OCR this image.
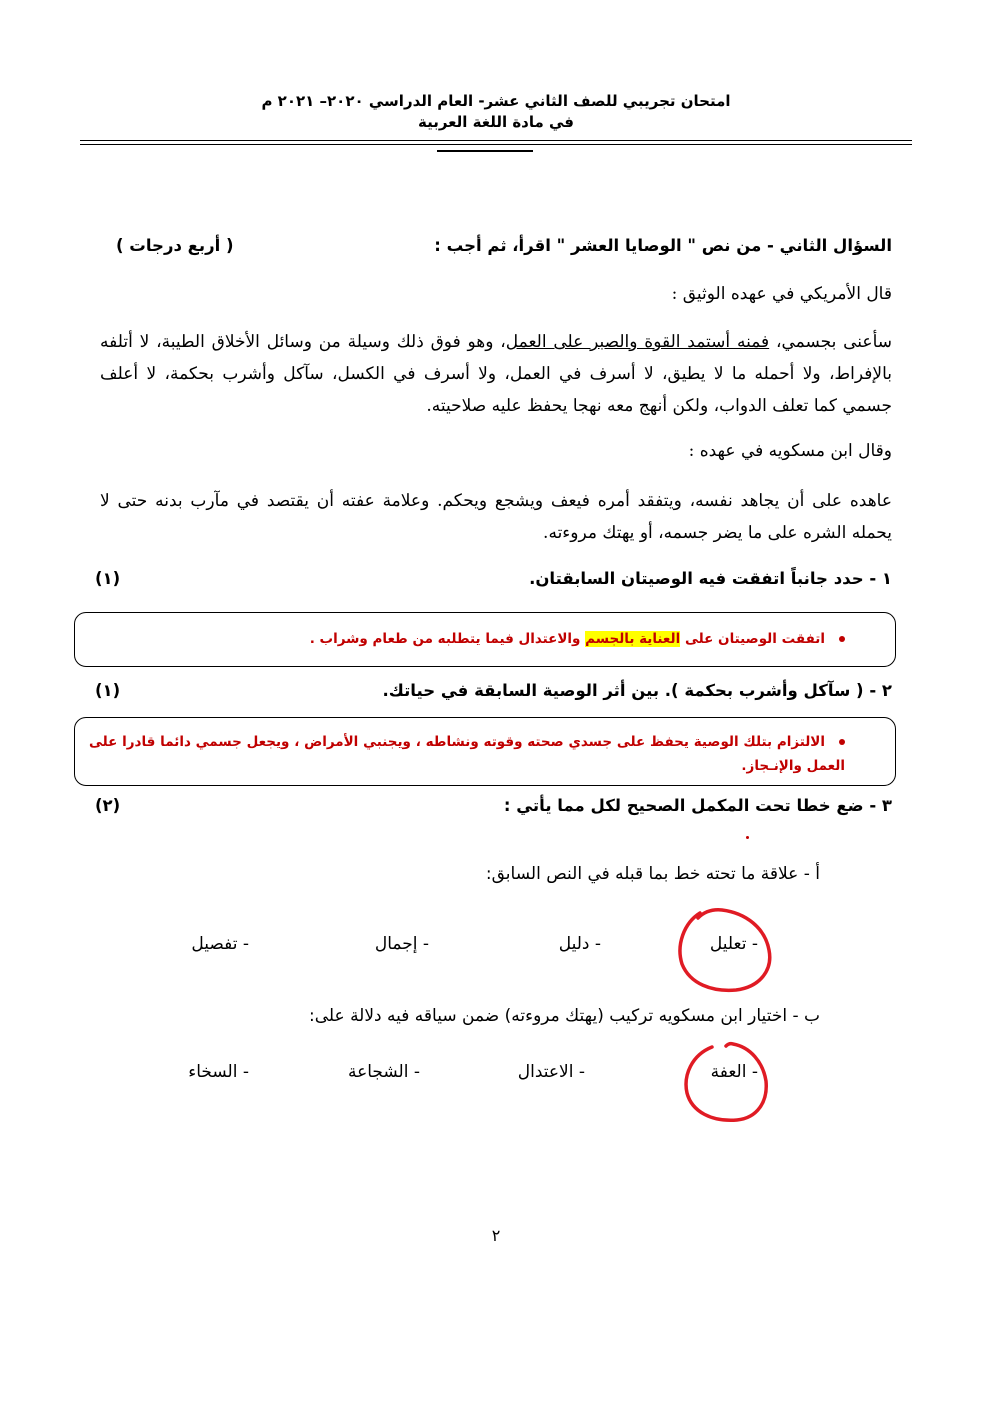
امتحان تجريبي للصف الثاني عشر- العام الدراسي ٢٠٢٠– ٢٠٢١ م
في مادة اللغة العربية
السؤال الثاني - من نص " الوصايا العشر " اقرأ، ثم أجب :
( أربع درجات )
قال الأمريكي في عهده الوثيق :
سأعنى بجسمي، فمنه أستمد القوة والصبر على العمل، وهو فوق ذلك وسيلة من وسائل الأخلاق الطيبة، لا أتلفه بالإفراط، ولا أحمله ما لا يطيق، لا أسرف في العمل، ولا أسرف في الكسل، سآكل وأشرب بحكمة، لا أعلف جسمي كما تعلف الدواب، ولكن أنهج معه نهجا يحفظ عليه صلاحيته.
وقال ابن مسكويه في عهده :
عاهده على أن يجاهد نفسه، ويتفقد أمره فيعف ويشجع ويحكم. وعلامة عفته أن يقتصد في مآرب بدنه حتى لا يحمله الشره على ما يضر جسمه، أو يهتك مروءته.
١ - حدد جانباً اتفقت فيه الوصيتان السابقتان.
(١)
اتفقت الوصيتان على العناية بالجسم والاعتدال فيما يتطلبه من طعام وشراب .
٢ - ( سآكل وأشرب بحكمة ). بين أثر الوصية السابقة في حياتك.
(١)
الالتزام بتلك الوصية يحفظ على جسدي صحته وقوته ونشاطه ، ويجنبي الأمراض ، ويجعل جسمي دائما قادرا على العمل والإنـجاز.
٣ - ضع خطا تحت المكمل الصحيح لكل مما يأتي :
(٢)
أ - علاقة ما تحته خط بما قبله في النص السابق:
- تعليل
- دليل
- إجمال
- تفصيل
ب - اختيار ابن مسكويه تركيب (يهتك مروءته) ضمن سياقه فيه دلالة على:
- العفة
- الاعتدال
- الشجاعة
- السخاء
٢
